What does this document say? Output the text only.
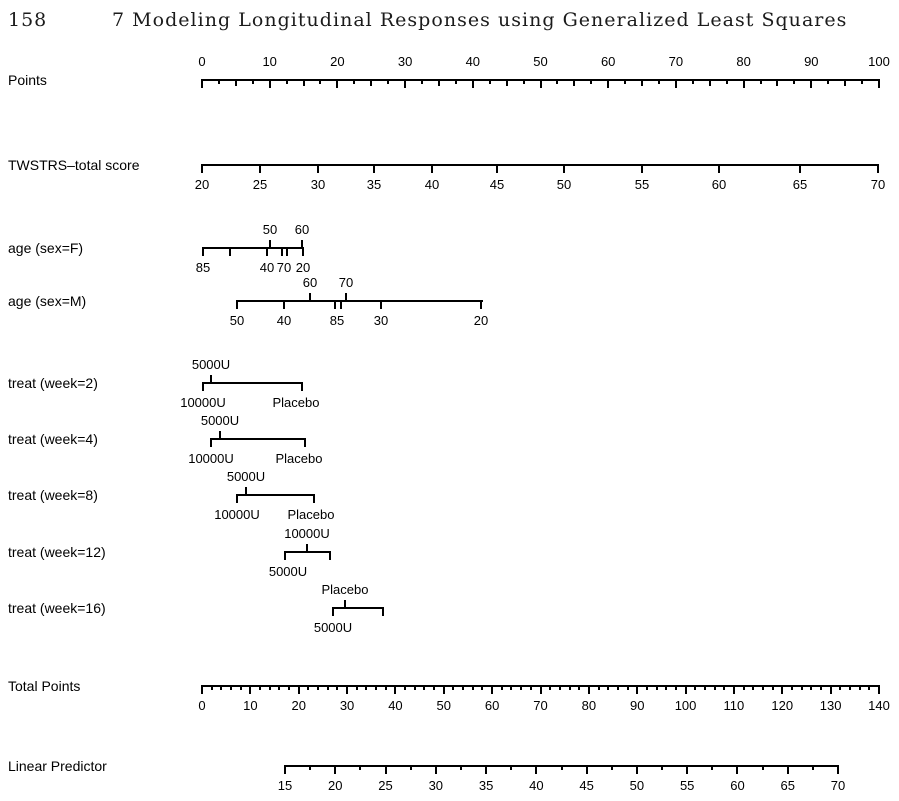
158	7 Modeling Longitudinal Responses using Generalized Least Squares
Points
0	10	20	30	40	50	60	70	80	90	100
TWSTRS–total score
20	25	30	35	40	45	50	55	60	65	70
age (sex=F)
50	60
85	40 70 20
age (sex=M)
60	70
50	40	85	30	20
treat (week=2)
5000U
10000U	Placebo
treat (week=4)
5000U
10000U	Placebo
treat (week=8)
5000U
10000U	Placebo
treat (week=12)
10000U
5000U
treat (week=16)
Placebo
5000U
Total Points
0	10	20	30	40	50	60	70	80	90	100	110	120	130	140
Linear Predictor
15	20	25	30	35	40	45	50	55	60	65	70
